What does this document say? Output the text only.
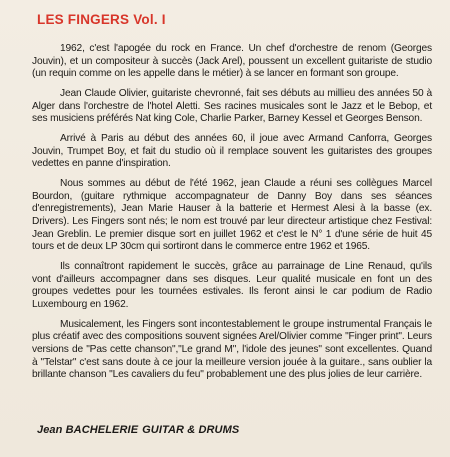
LES FINGERS Vol. I

1962, c'est l'apogée du rock en France. Un chef d'orchestre de renom (Georges Jouvin), et un compositeur à succès (Jack Arel), poussent un excellent guitariste de studio (un requin comme on les appelle dans le métier) à se lancer en formant son groupe.

Jean Claude Olivier, guitariste chevronné, fait ses débuts au millieu des années 50 à Alger dans l'orchestre de l'hotel Aletti. Ses racines musicales sont le Jazz et le Bebop, et ses musiciens préférés Nat king Cole, Charlie Parker, Barney Kessel et Georges Benson.

Arrivé à Paris au début des années 60, il joue avec Armand Canforra, Georges Jouvin, Trumpet Boy, et fait du studio où il remplace souvent les guitaristes des groupes vedettes en panne d'inspiration.

Nous sommes au début de l'été 1962, jean Claude a réuni ses collègues Marcel Bourdon, (guitare rythmique accompagnateur de Danny Boy dans ses séances d'enregistrements), Jean Marie Hauser à la batterie et Hermest Alesi à la basse (ex. Drivers). Les Fingers sont nés; le nom est trouvé par leur directeur artistique chez Festival: Jean Greblin. Le premier disque sort en juillet 1962 et c'est le N° 1 d'une série de huit 45 tours et de deux LP 30cm qui sortiront dans le commerce entre 1962 et 1965.

Ils connaîtront rapidement le succès, grâce au parrainage de Line Renaud, qu'ils vont d'ailleurs accompagner dans ses disques. Leur qualité musicale en font un des groupes vedettes pour les tournées estivales. Ils feront ainsi le car podium de Radio Luxembourg en 1962.

Musicalement, les Fingers sont incontestablement le groupe instrumental Français le plus créatif avec des compositions souvent signées Arel/Olivier comme "Finger print". Leurs versions de "Pas cette chanson","Le grand M", l'idole des jeunes" sont excellentes. Quand à "Telstar" c'est sans doute à ce jour la meilleure version jouée à la guitare., sans oublier la brillante chanson "Les cavaliers du feu" probablement une des plus jolies de leur carrière.

Jean BACHELERIE GUITAR & DRUMS
